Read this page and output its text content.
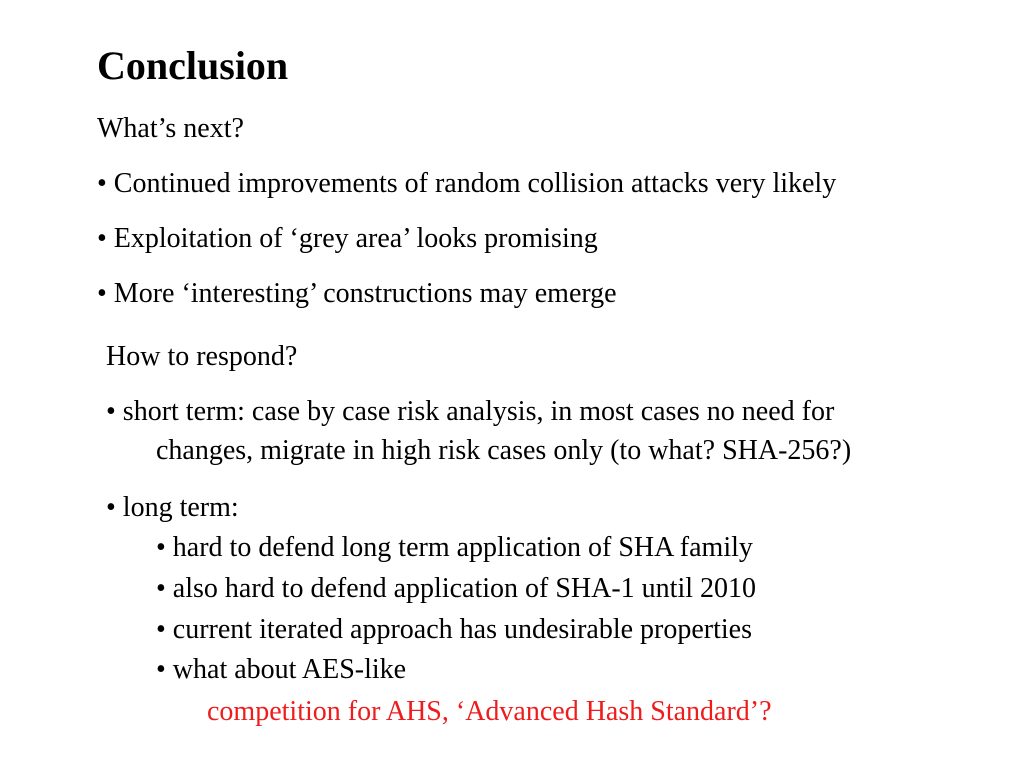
Conclusion
What’s next?
• Continued improvements of random collision attacks very likely
• Exploitation of ‘grey area’ looks promising
• More ‘interesting’ constructions may emerge
How to respond?
• short term: case by case risk analysis, in most cases no need for
changes, migrate in high risk cases only (to what? SHA-256?)
• long term:
• hard to defend long term application of SHA family
• also hard to defend application of SHA-1 until 2010
• current iterated approach has undesirable properties
• what about AES-like
competition for AHS, ‘Advanced Hash Standard’?
